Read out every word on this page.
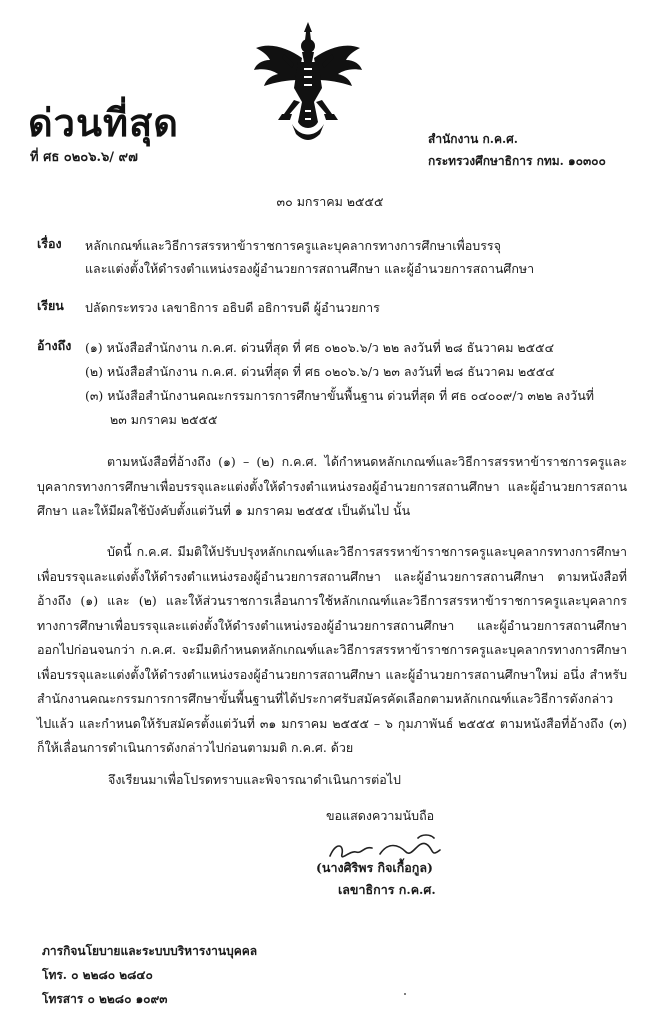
ด่วนที่สุด
ที่ ศธ ๐๒๐๖.๖/ ๙๗
สำนักงาน ก.ค.ศ.
กระทรวงศึกษาธิการ กทม. ๑๐๓๐๐
๓๐ มกราคม ๒๕๕๕
เรื่อง หลักเกณฑ์และวิธีการสรรหาข้าราชการครูและบุคลากรทางการศึกษาเพื่อบรรจุ
และแต่งตั้งให้ดำรงตำแหน่งรองผู้อำนวยการสถานศึกษา และผู้อำนวยการสถานศึกษา
เรียน ปลัดกระทรวง เลขาธิการ อธิบดี อธิการบดี ผู้อำนวยการ
อ้างถึง (๑) หนังสือสำนักงาน ก.ค.ศ. ด่วนที่สุด ที่ ศธ ๐๒๐๖.๖/ว ๒๒ ลงวันที่ ๒๘ ธันวาคม ๒๕๕๔
(๒) หนังสือสำนักงาน ก.ค.ศ. ด่วนที่สุด ที่ ศธ ๐๒๐๖.๖/ว ๒๓ ลงวันที่ ๒๘ ธันวาคม ๒๕๕๔
(๓) หนังสือสำนักงานคณะกรรมการการศึกษาขั้นพื้นฐาน ด่วนที่สุด ที่ ศธ ๐๔๐๐๙/ว ๓๒๒ ลงวันที่
๒๓ มกราคม ๒๕๕๕

ตามหนังสือที่อ้างถึง (๑) – (๒) ก.ค.ศ. ได้กำหนดหลักเกณฑ์และวิธีการสรรหาข้าราชการครูและบุคลากรทางการศึกษาเพื่อบรรจุและแต่งตั้งให้ดำรงตำแหน่งรองผู้อำนวยการสถานศึกษา และผู้อำนวยการสถานศึกษา และให้มีผลใช้บังคับตั้งแต่วันที่ ๑ มกราคม ๒๕๕๕ เป็นต้นไป นั้น

บัดนี้ ก.ค.ศ. มีมติให้ปรับปรุงหลักเกณฑ์และวิธีการสรรหาข้าราชการครูและบุคลากรทางการศึกษาเพื่อบรรจุและแต่งตั้งให้ดำรงตำแหน่งรองผู้อำนวยการสถานศึกษา และผู้อำนวยการสถานศึกษา ตามหนังสือที่อ้างถึง (๑) และ (๒) และให้ส่วนราชการเลื่อนการใช้หลักเกณฑ์และวิธีการสรรหาข้าราชการครูและบุคลากรทางการศึกษาเพื่อบรรจุและแต่งตั้งให้ดำรงตำแหน่งรองผู้อำนวยการสถานศึกษา และผู้อำนวยการสถานศึกษาออกไปก่อนจนกว่า ก.ค.ศ. จะมีมติกำหนดหลักเกณฑ์และวิธีการสรรหาข้าราชการครูและบุคลากรทางการศึกษาเพื่อบรรจุและแต่งตั้งให้ดำรงตำแหน่งรองผู้อำนวยการสถานศึกษา และผู้อำนวยการสถานศึกษาใหม่ อนึ่ง สำหรับสำนักงานคณะกรรมการการศึกษาขั้นพื้นฐานที่ได้ประกาศรับสมัครคัดเลือกตามหลักเกณฑ์และวิธีการดังกล่าวไปแล้ว และกำหนดให้รับสมัครตั้งแต่วันที่ ๓๑ มกราคม ๒๕๕๕ – ๖ กุมภาพันธ์ ๒๕๕๕ ตามหนังสือที่อ้างถึง (๓) ก็ให้เลื่อนการดำเนินการดังกล่าวไปก่อนตามมติ ก.ค.ศ. ด้วย

จึงเรียนมาเพื่อโปรดทราบและพิจารณาดำเนินการต่อไป
ขอแสดงความนับถือ
(นางศิริพร กิจเกื้อกูล)
เลขาธิการ ก.ค.ศ.
ภารกิจนโยบายและระบบบริหารงานบุคคล
โทร. ๐ ๒๒๘๐ ๒๘๔๐
โทรสาร ๐ ๒๒๘๐ ๑๐๙๓
